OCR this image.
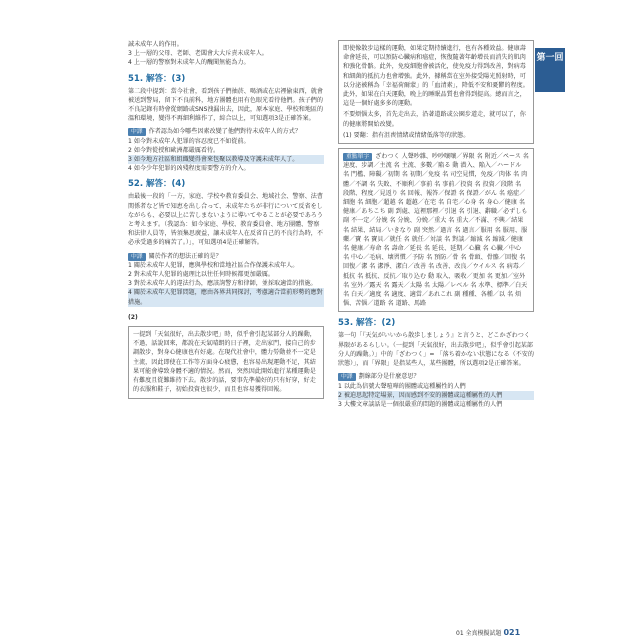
誠未成年人的作用。

3 上一層的父母、老師、老闆會大大斥責未成年人。

4 上一層的警察對未成年人的醜聞無能為力。

51. 解答：(3)

第二段中提到：當今社會，看到孩子們抽菸、喝酒或在店裡偷東西，就會被送到警局，留下不良前科，地方團體也用有色眼光看待他們。孩子們的不良記錄有時會從網路或SNS洩漏出去，因此，原本家庭、學校和地區的溫和環境，變得不再細利維作了，綜合以上，可知選項3是正確答案。

中譯 作者認為如今哪些因素改變了他們對待未成年人的方式？

1 如今對未成年人犯罪的容忍度已不如從前。

2 如今對從授和歐洲都嚴厲看待。

3 如今地方社區和組織變得會來包聚以教導及守護未成年人了。

4 如今少年犯罪的凶殘程度需要警方的介入。

52. 解答：(4)

由最後一段的「一方，家庭、学校や教育委員会、地域社会、警察、法曹関係者など皆で知恵を出し合って、未成年たちが非行について反省をしながらも、必要以上に苦しまないように導いてやることが必要であろうと考えます。（我認為：如今家庭、學校、教育委員會、地方團體、警察和法律人員等，皆須集思廣益，讓未成年人在反省自己的不良行為時，不必承受過多的痛苦了。）」，可知選項4是正確解答。

中譯 關於作者的想法正確的是？

1 關於未成年人犯罪，應與學校和當地社區合作保護未成年人。

2 對未成年人犯罪的處理比以往任何時候都更加嚴厲。

3 對於未成年人的違法行為，應該詢警方和律師，並採取適當的措施。

4 關於未成年人犯罪問題，應由各界共同探討，考慮適合當前形勢的應對措施。

(2)

一提到「天氣很好，出去散步吧」時，似乎會引起某部分人的躁動，不過，話說回來，都說在天氣晴朗的日子裡，走出家門，接自己的步調散步，對身心健康也有好處。在現代社會中，體力勞動並不一定是主流，因此即使在工作等方面身心疲憊，也容易出現運動不足，其結果可能會導致身體不適的情況。然而，突然因此開始進行某種運動是有難度且從難維持下去。散步的話，要事先準備好的只有好穿，好走的衣服和鞋子，初始投資也很少，而且也容易獲得回報。

即使像散步這樣的運動，如果定期持續進行，也有各種效益。健康壽命會延長，可以預防心臟病和癌症，恢復隨著年齡增長而消失的肌肉和強化骨骼。此外，免疫細胞會被活化，使免疫力得到改善，對病毒和細菌的抵抗力也會增強。此外，據稱當在室外接受陽光照射時，可以分泌被稱為「幸福荷爾蒙」的「血清素」，降低不安和憂鬱的程度。此外，如果在白天運動，晚上的睡眠品質也會得到提高。總而言之，這是一個好處多多的運動。

不要烦惱太多，首先走出去，沿著道路或公園步道走，就可以了，你的健康將開始改變。

(1) 要翻：指有沮喪情緒或情緒低落等的狀態。

重點單字 ざわつく 人聲吵雜、吵吵嚷嚷／界限 名 附近／ペース 名 速度、步調／主流 名 主流、多數／陥る 動 潜入、陥入／ハードル 名 門檻、障礙／初期 名 初期／免疫 名 司空見慣，免疫／肉体 名 肉體／不調 名 失敗、不順利／事前 名 事前／投資 名 投資／段階 名 段階、程度／見返り 名 回報、報答／保證 名 保證／がん 名 癌症／細胞 名 細胞／超越 名 超越／在宅 名 自宅／心身 名 身心／健康 名 健康／あちこち 副 到處、這裡那裡／引退 名 引退、辭職／必ずしも 副 不一定／分娩 名 分娩、分娩／重大 名 重大／不滿、不興／結果 名 結果、結局／いきなり 副 突然／過言 名 過言／服用 名 服用、服藥／寶 名 寶貝／就任 名 就任／対談 名 對談／縮減 名 縮減／健康 名 健康／寿命 名 壽命／延長 名 延長、延期／心臓 名 心臟／中心 名 中心／毛病、壊習慣／予防 名 預防／骨 名 骨頭、骨骼／回復 名 回復／潔 名 潔淨、潔白／改善 名 改善、改良／ウイルス 名 病毒／抵抗 名 抵抗、反抗／取り込む 動 取入、吸收／更加 名 更加／室外 名 室外／露天 名 露天／太陽 名 太陽／レベル 名 水準、標準／白天 名 白天／適度 名 適度、適當／あれこれ 副 種種、各種／以 名 煩惱、苦惱／道路 名 道路、馬路
53. 解答：(2)

第一句「『天気がいいから散歩しましょう』と言うと、どこかざわつく界限があるらしい。（一提到「天氣很好，出去散步吧」，似乎會引起某部分人的躁動。）」中的「ざわつく」= 「落ち着かない状態になる（不安的狀態）」，而「界限」是指某些人，某些團體，所以選項2是正確答案。

中譯 劃線部分是什麼意思？

1 以此為信號大聲喧嘩的團體或這種屬性的人們

2 被迫思起特定場景，因而感到不安的團體或這種屬性的人們

3 大樓文章談話是一個很嚴重的問題的團體或這種屬性的人們

第一回
01 全真模擬試題 021
